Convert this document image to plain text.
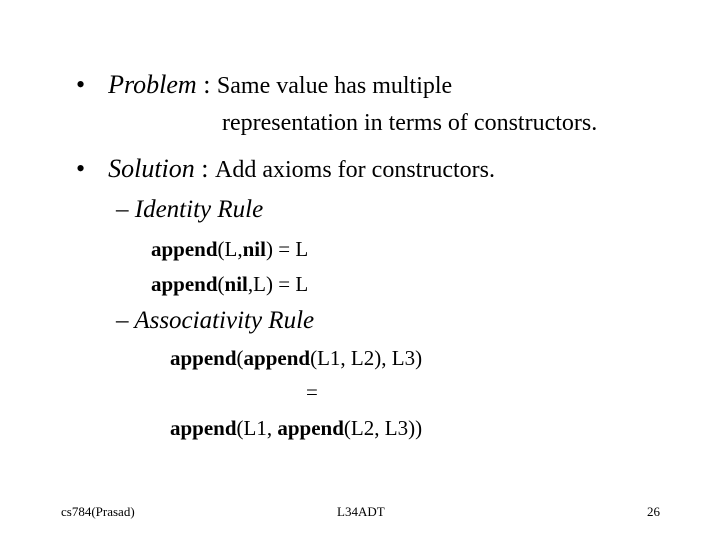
• Problem : Same value has multiple
representation in terms of constructors.
• Solution : Add axioms for constructors.
– Identity Rule
append(L,nil) = L
append(nil,L) = L
– Associativity Rule
append(append(L1, L2), L3)
=
append(L1, append(L2, L3))
cs784(Prasad)	L34ADT	26
